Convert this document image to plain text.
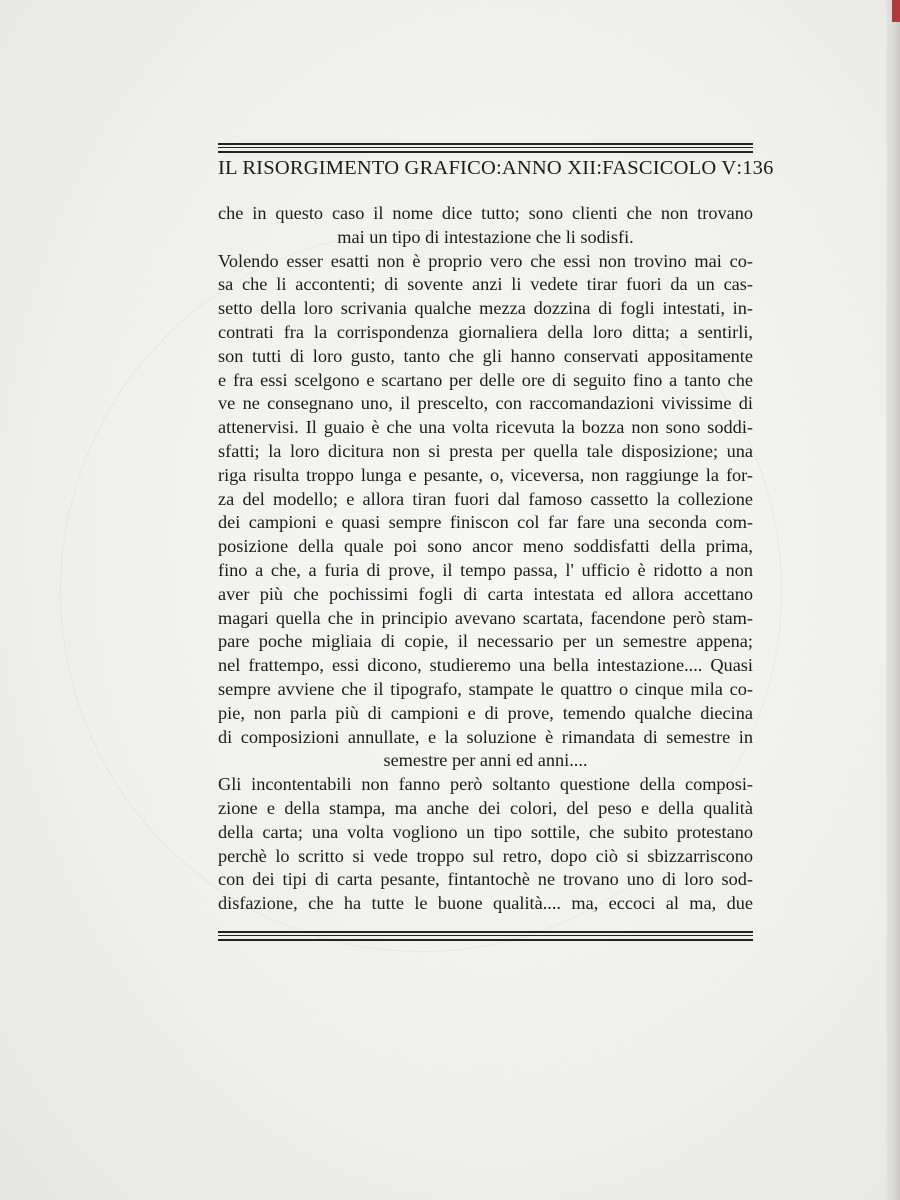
IL RISORGIMENTO GRAFICO : ANNO XII : FASCICOLO V : 136
che in questo caso il nome dice tutto; sono clienti che non trovano
mai un tipo di intestazione che li sodisfi.
Volendo esser esatti non è proprio vero che essi non trovino mai co-
sa che li accontenti; di sovente anzi li vedete tirar fuori da un cas-
setto della loro scrivania qualche mezza dozzina di fogli intestati, in-
contrati fra la corrispondenza giornaliera della loro ditta; a sentirli,
son tutti di loro gusto, tanto che gli hanno conservati appositamente
e fra essi scelgono e scartano per delle ore di seguito fino a tanto che
ve ne consegnano uno, il prescelto, con raccomandazioni vivissime di
attenervisi. Il guaio è che una volta ricevuta la bozza non sono soddi-
sfatti; la loro dicitura non si presta per quella tale disposizione; una
riga risulta troppo lunga e pesante, o, viceversa, non raggiunge la for-
za del modello; e allora tiran fuori dal famoso cassetto la collezione
dei campioni e quasi sempre finiscon col far fare una seconda com-
posizione della quale poi sono ancor meno soddisfatti della prima,
fino a che, a furia di prove, il tempo passa, l' ufficio è ridotto a non
aver più che pochissimi fogli di carta intestata ed allora accettano
magari quella che in principio avevano scartata, facendone però stam-
pare poche migliaia di copie, il necessario per un semestre appena;
nel frattempo, essi dicono, studieremo una bella intestazione.... Quasi
sempre avviene che il tipografo, stampate le quattro o cinque mila co-
pie, non parla più di campioni e di prove, temendo qualche diecina
di composizioni annullate, e la soluzione è rimandata di semestre in
semestre per anni ed anni....
Gli incontentabili non fanno però soltanto questione della composi-
zione e della stampa, ma anche dei colori, del peso e della qualità
della carta; una volta vogliono un tipo sottile, che subito protestano
perchè lo scritto si vede troppo sul retro, dopo ciò si sbizzarriscono
con dei tipi di carta pesante, fintantochè ne trovano uno di loro sod-
disfazione, che ha tutte le buone qualità.... ma, eccoci al ma, due
